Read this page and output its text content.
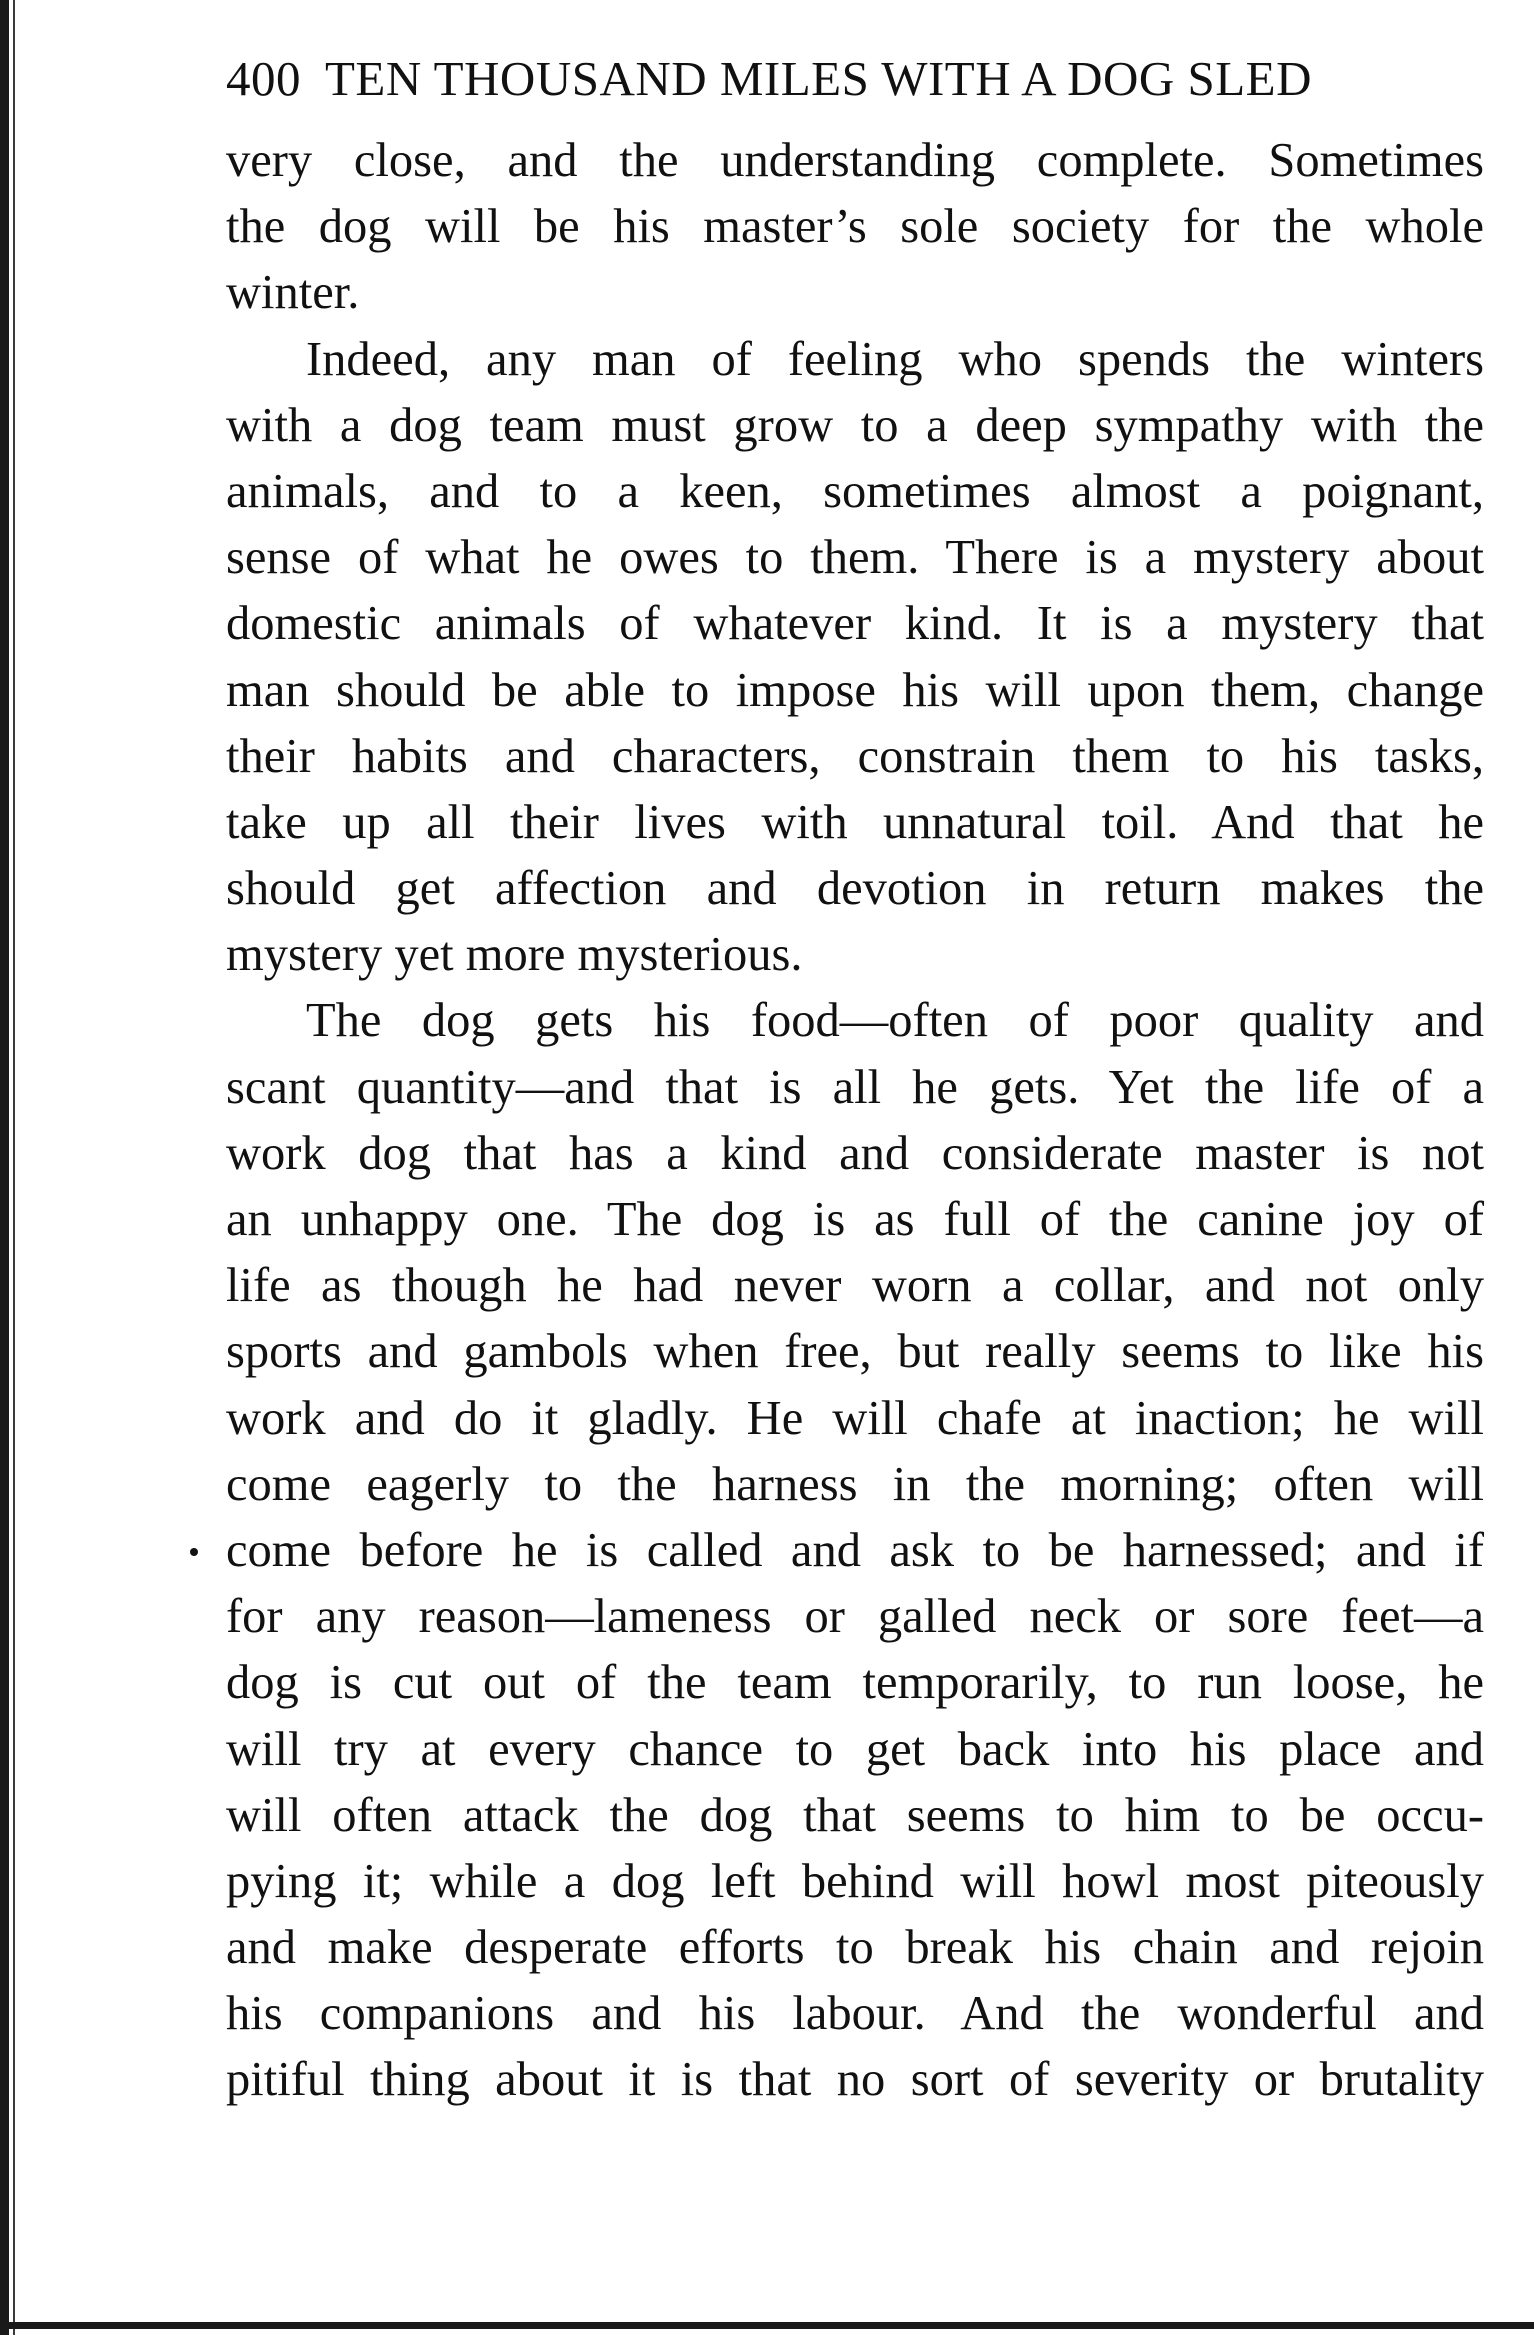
400 TEN THOUSAND MILES WITH A DOG SLED
very close, and the understanding complete. Sometimes
the dog will be his master’s sole society for the whole
winter.
Indeed, any man of feeling who spends the winters
with a dog team must grow to a deep sympathy with the
animals, and to a keen, sometimes almost a poignant,
sense of what he owes to them. There is a mystery about
domestic animals of whatever kind. It is a mystery that
man should be able to impose his will upon them, change
their habits and characters, constrain them to his tasks,
take up all their lives with unnatural toil. And that he
should get affection and devotion in return makes the
mystery yet more mysterious.
The dog gets his food—often of poor quality and
scant quantity—and that is all he gets. Yet the life of a
work dog that has a kind and considerate master is not
an unhappy one. The dog is as full of the canine joy of
life as though he had never worn a collar, and not only
sports and gambols when free, but really seems to like his
work and do it gladly. He will chafe at inaction; he will
come eagerly to the harness in the morning; often will
come before he is called and ask to be harnessed; and if
for any reason—lameness or galled neck or sore feet—a
dog is cut out of the team temporarily, to run loose, he
will try at every chance to get back into his place and
will often attack the dog that seems to him to be occu-
pying it; while a dog left behind will howl most piteously
and make desperate efforts to break his chain and rejoin
his companions and his labour. And the wonderful and
pitiful thing about it is that no sort of severity or brutality
